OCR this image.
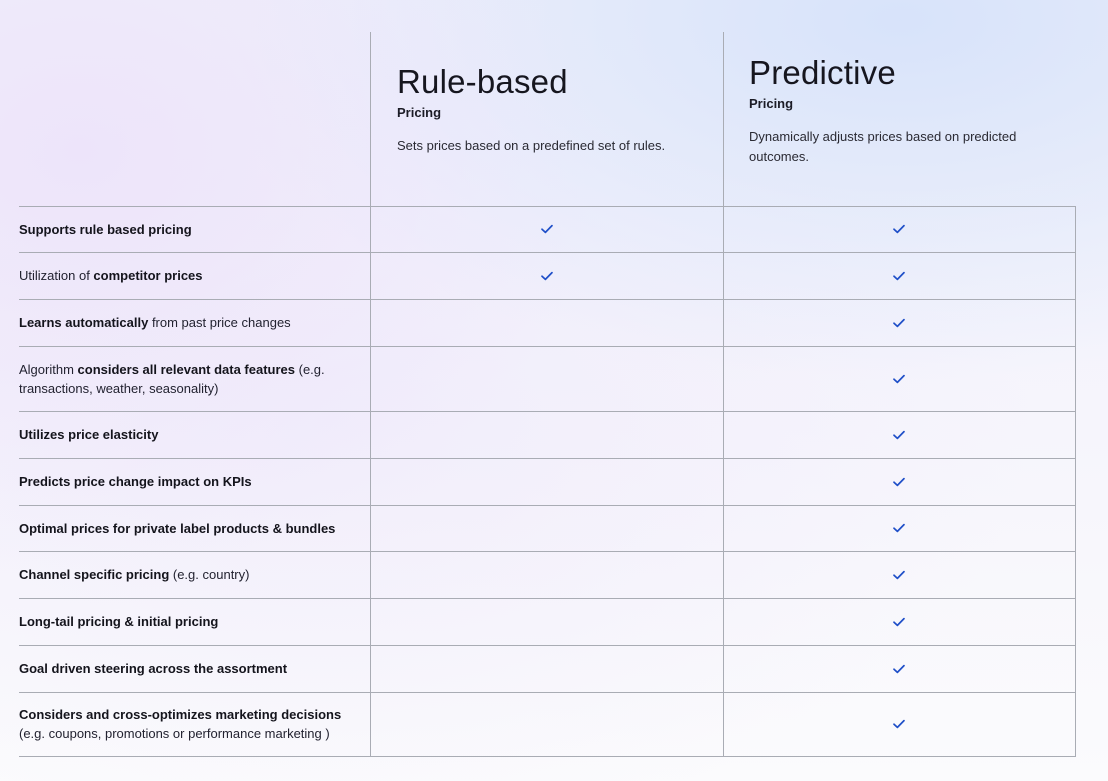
Rule-based
Pricing
Sets prices based on a predefined set of rules.
Predictive
Pricing
Dynamically adjusts prices based on predicted outcomes.
Supports rule based pricing
Utilization of competitor prices
Learns automatically from past price changes
Algorithm considers all relevant data features (e.g. transactions, weather, seasonality)
Utilizes price elasticity
Predicts price change impact on KPIs
Optimal prices for private label products & bundles
Channel specific pricing (e.g. country)
Long-tail pricing & initial pricing
Goal driven steering across the assortment
Considers and cross-optimizes marketing decisions (e.g. coupons, promotions or performance marketing )
